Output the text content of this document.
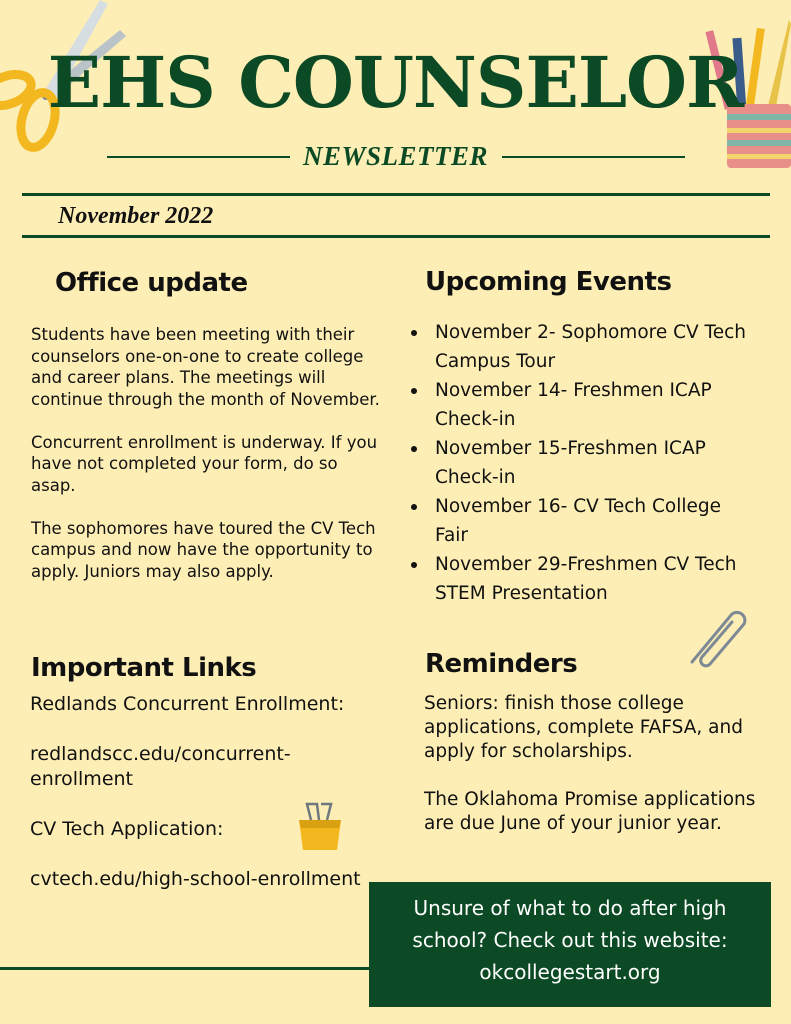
EHS COUNSELOR
NEWSLETTER
November 2022
Office update

Students have been meeting with their counselors one-on-one to create college and career plans. The meetings will continue through the month of November.

Concurrent enrollment is underway. If you have not completed your form, do so asap.

The sophomores have toured the CV Tech campus and now have the opportunity to apply. Juniors may also apply.

Upcoming Events
November 2- Sophomore CV Tech Campus Tour
November 14- Freshmen ICAP Check-in
November 15-Freshmen ICAP Check-in
November 16- CV Tech College Fair
November 29-Freshmen CV Tech STEM Presentation
Important Links

Redlands Concurrent Enrollment:

redlandscc.edu/concurrent-enrollment

CV Tech Application:

cvtech.edu/high-school-enrollment

Reminders

Seniors: finish those college applications, complete FAFSA, and apply for scholarships.

The Oklahoma Promise applications are due June of your junior year.

Unsure of what to do after high school? Check out this website:
okcollegestart.org
